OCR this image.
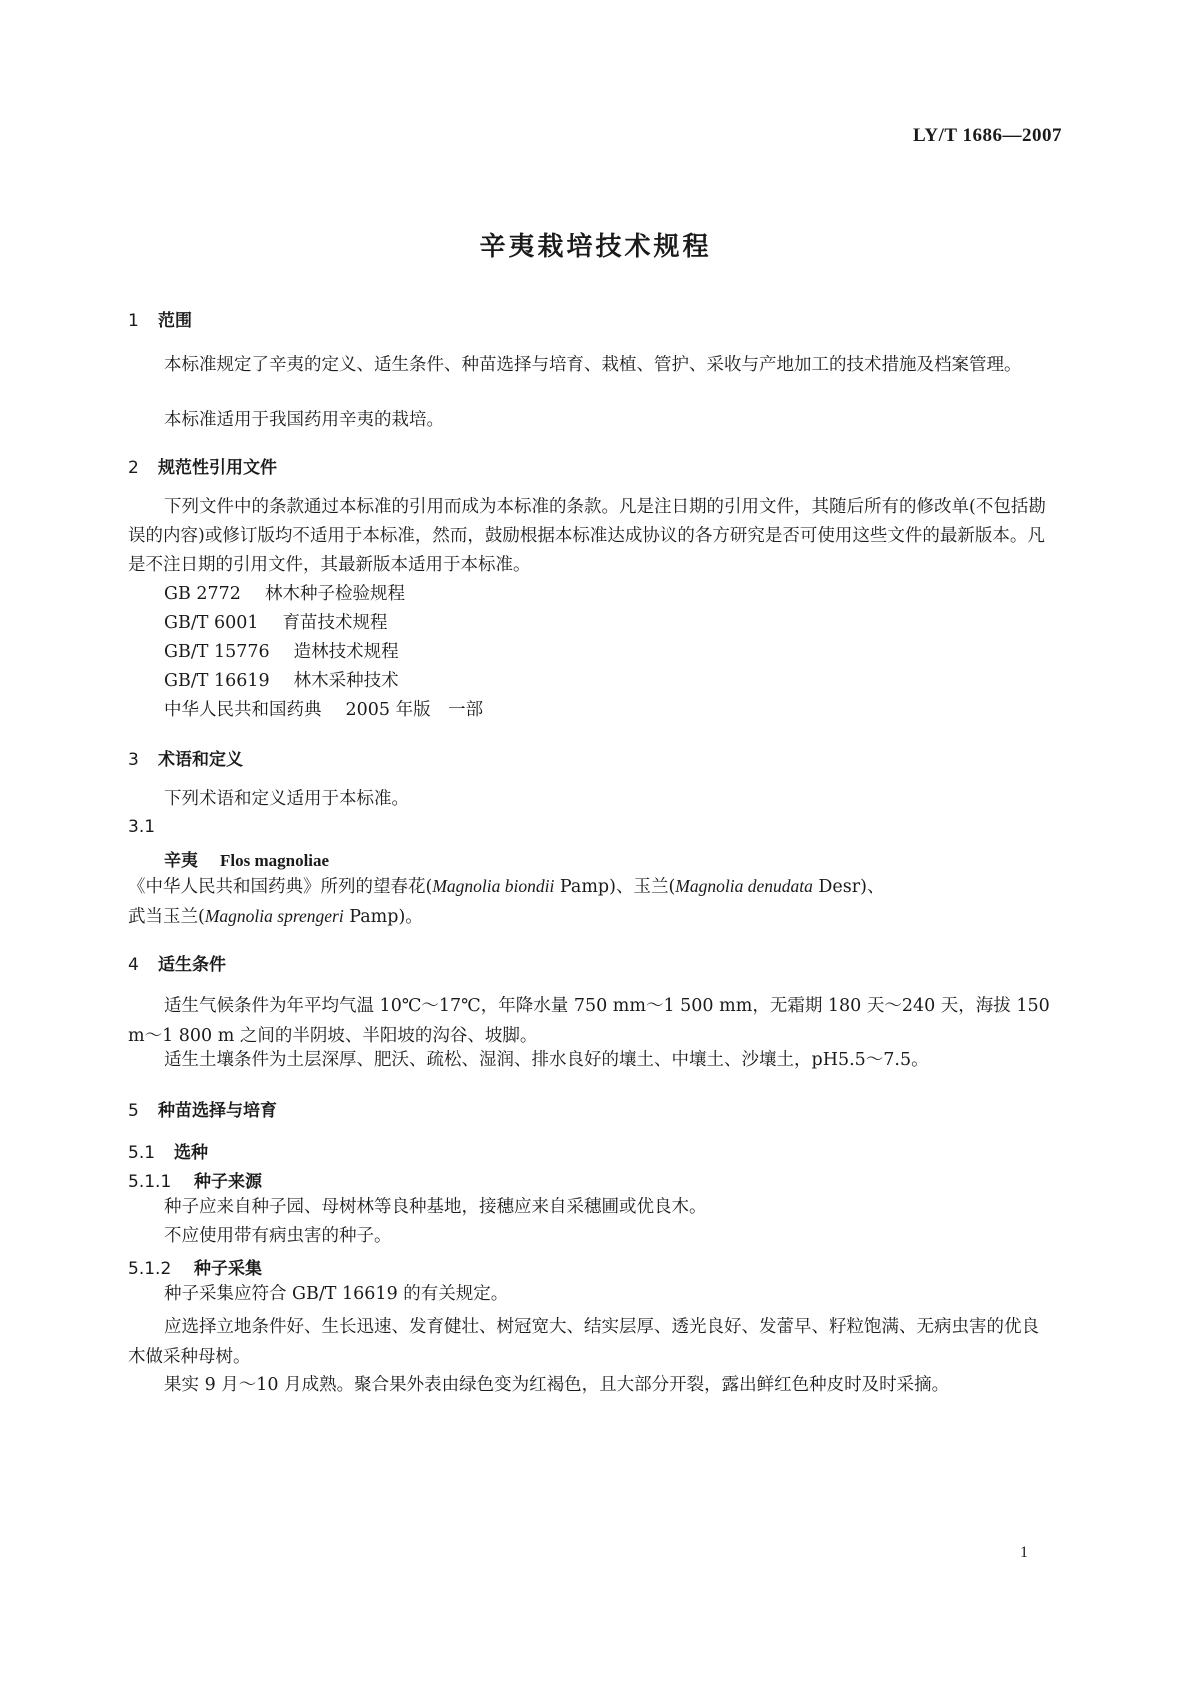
LY/T 1686—2007
辛夷栽培技术规程
1 范围
本标准规定了辛夷的定义、适生条件、种苗选择与培育、栽植、管护、采收与产地加工的技术措施及档案管理。
本标准适用于我国药用辛夷的栽培。
2 规范性引用文件
下列文件中的条款通过本标准的引用而成为本标准的条款。凡是注日期的引用文件，其随后所有的修改单(不包括勘误的内容)或修订版均不适用于本标准，然而，鼓励根据本标准达成协议的各方研究是否可使用这些文件的最新版本。凡是不注日期的引用文件，其最新版本适用于本标准。
GB 2772 林木种子检验规程
GB/T 6001 育苗技术规程
GB/T 15776 造林技术规程
GB/T 16619 林木采种技术
中华人民共和国药典 2005 年版　一部
3 术语和定义
下列术语和定义适用于本标准。
3.1
辛夷 Flos magnoliae
《中华人民共和国药典》所列的望春花(Magnolia biondii Pamp)、玉兰(Magnolia denudata Desr)、
武当玉兰(Magnolia sprengeri Pamp)。
4 适生条件
适生气候条件为年平均气温 10℃～17℃，年降水量 750 mm～1 500 mm，无霜期 180 天～240 天，海拔 150 m～1 800 m 之间的半阴坡、半阳坡的沟谷、坡脚。
适生土壤条件为土层深厚、肥沃、疏松、湿润、排水良好的壤土、中壤土、沙壤土，pH5.5～7.5。
5 种苗选择与培育
5.1 选种
5.1.1 种子来源
种子应来自种子园、母树林等良种基地，接穗应来自采穗圃或优良木。
不应使用带有病虫害的种子。
5.1.2 种子采集
种子采集应符合 GB/T 16619 的有关规定。
应选择立地条件好、生长迅速、发育健壮、树冠宽大、结实层厚、透光良好、发蕾早、籽粒饱满、无病虫害的优良木做采种母树。
果实 9 月～10 月成熟。聚合果外表由绿色变为红褐色，且大部分开裂，露出鲜红色种皮时及时采摘。
1
